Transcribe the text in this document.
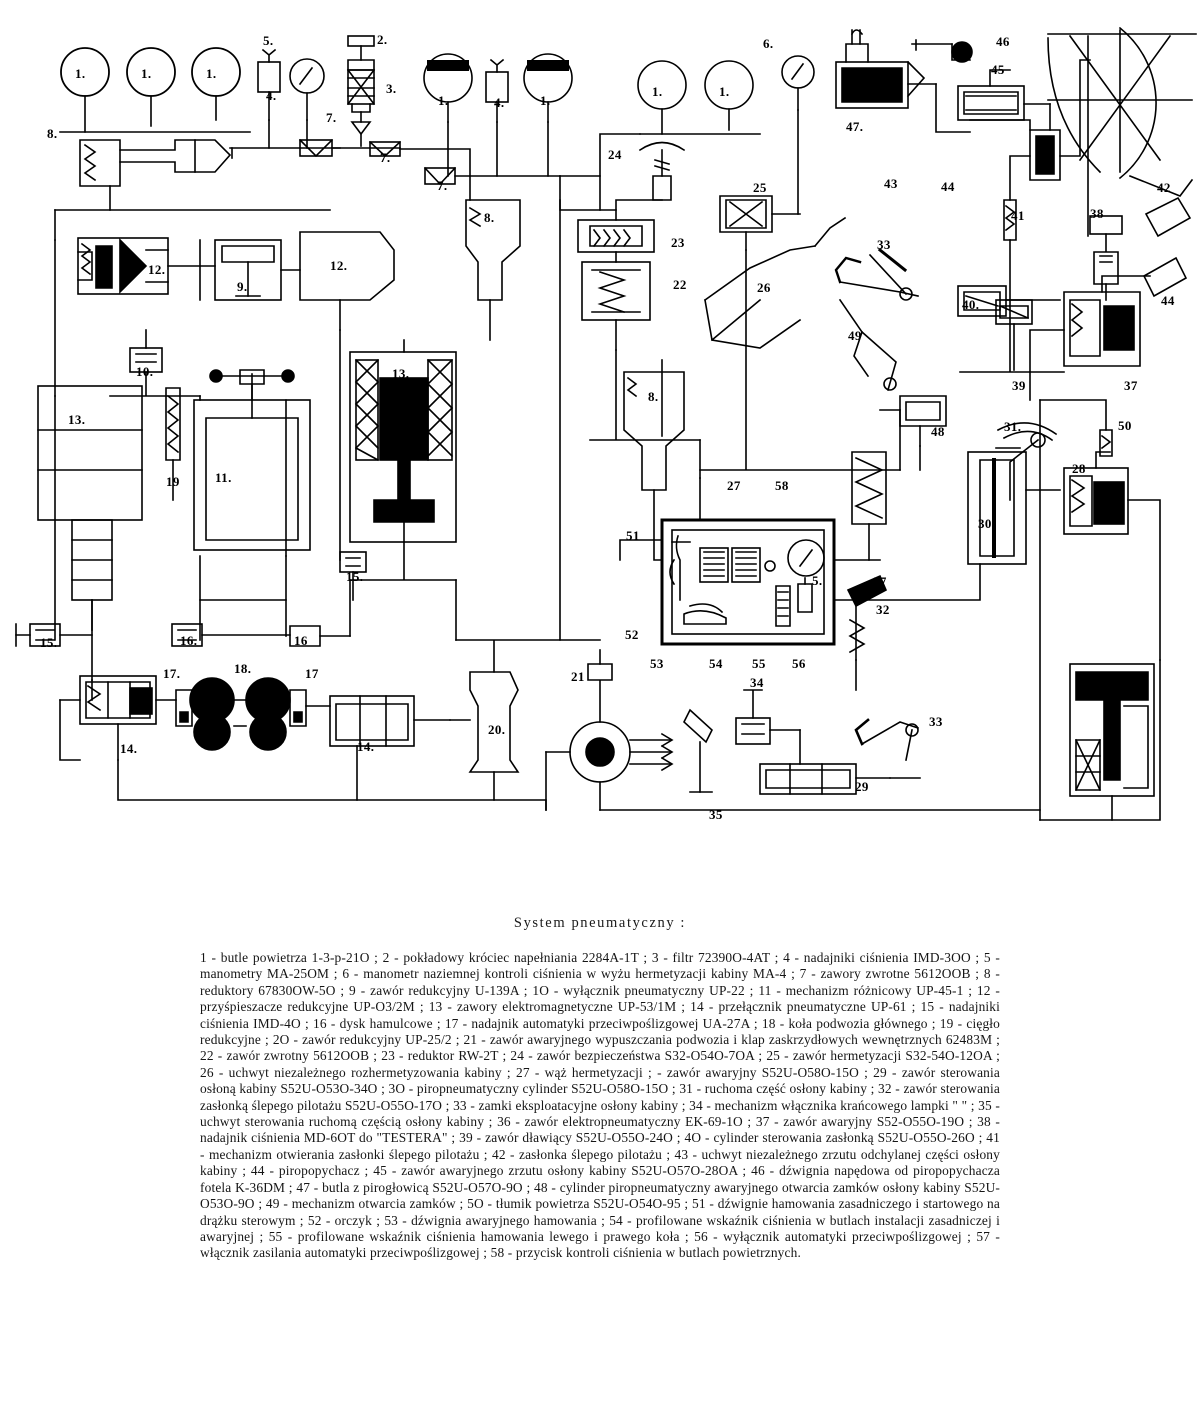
1.	1.	1.
2.
3.
4.
5.
1.	4.	1.
1.	1.
6.	46
45
47.
43	44	42
41	38
7.
7.
7.
8.
24
25
8.
23
12.	12.
9.	22	26
33
40.	44
49
39	37
10.	13.
8.
13.
48	31.	50
19	11.
28
27	58
30.
51
15.	5.	57
52
32
15.	16.	16
53	54 55 56
36.
17.	18.	17	21	34
33
20.
14.	14.
29
35
System pneumatyczny :

1 - butle powietrza 1-3-p-21O ; 2 - pokładowy króciec napełniania 2284A-1T ; 3 - filtr 72390O-4AT ; 4 - nadajniki ciśnienia IMD-3OO ; 5 - manometry MA-25OM ; 6 - manometr naziemnej kontroli ciśnienia w wyżu hermetyzacji kabiny MA-4 ; 7 - zawory zwrotne 5612OOB ; 8 - reduktory 67830OW-5O ; 9 - zawór redukcyjny U-139A ; 1O - wyłącznik pneumatyczny UP-22 ; 11 - mechanizm różnicowy UP-45-1 ; 12 - przyśpieszacze redukcyjne UP-O3/2M ; 13 - zawory elektromagnetyczne UP-53/1M ; 14 - przełącznik pneumatyczne UP-61 ; 15 - nadajniki ciśnienia IMD-4O ; 16 - dysk hamulcowe ; 17 - nadajnik automatyki przeciwpoślizgowej UA-27A ; 18 - koła podwozia głównego ; 19 - cięgło redukcyjne ; 2O - zawór redukcyjny UP-25/2 ; 21 - zawór awaryjnego wypuszczania podwozia i klap zaskrzydłowych wewnętrznych 62483M ; 22 - zawór zwrotny 5612OOB ; 23 - reduktor RW-2T ; 24 - zawór bezpieczeństwa S32-O54O-7OA ; 25 - zawór hermetyzacji S32-54O-12OA ; 26 - uchwyt niezależnego rozhermetyzowania kabiny ; 27 - wąż hermetyzacji ; - zawór awaryjny S52U-O58O-15O ; 29 - zawór sterowania osłoną kabiny S52U-O53O-34O ; 3O - piropneumatyczny cylinder S52U-O58O-15O ; 31 - ruchoma część osłony kabiny ; 32 - zawór sterowania zasłonką ślepego pilotażu S52U-O55O-17O ; 33 - zamki eksploatacyjne osłony kabiny ; 34 - mechanizm włącznika krańcowego lampki " " ; 35 - uchwyt sterowania ruchomą częścią osłony kabiny ; 36 - zawór elektropneumatyczny EK-69-1O ; 37 - zawór awaryjny S52-O55O-19O ; 38 - nadajnik ciśnienia MD-6OT do "TESTERA" ; 39 - zawór dławiący S52U-O55O-24O ; 4O - cylinder sterowania zasłonką S52U-O55O-26O ; 41 - mechanizm otwierania zasłonki ślepego pilotażu ; 42 - zasłonka ślepego pilotażu ; 43 - uchwyt niezależnego zrzutu odchylanej części osłony kabiny ; 44 - piropopychacz ; 45 - zawór awaryjnego zrzutu osłony kabiny S52U-O57O-28OA ; 46 - dźwignia napędowa od piropopychacza fotela K-36DM ; 47 - butla z pirogłowicą S52U-O57O-9O ; 48 - cylinder piropneumatyczny awaryjnego otwarcia zamków osłony kabiny S52U-O53O-9O ; 49 - mechanizm otwarcia zamków ; 5O - tłumik powietrza S52U-O54O-95 ; 51 - dźwignie hamowania zasadniczego i startowego na drążku sterowym ; 52 - orczyk ; 53 - dźwignia awaryjnego hamowania ; 54 - profilowane wskaźnik ciśnienia w butlach instalacji zasadniczej i awaryjnej ; 55 - profilowane wskaźnik ciśnienia hamowania lewego i prawego koła ; 56 - wyłącznik automatyki przeciwpoślizgowej ; 57 - włącznik zasilania automatyki przeciwpoślizgowej ; 58 - przycisk kontroli ciśnienia w butlach powietrznych.
